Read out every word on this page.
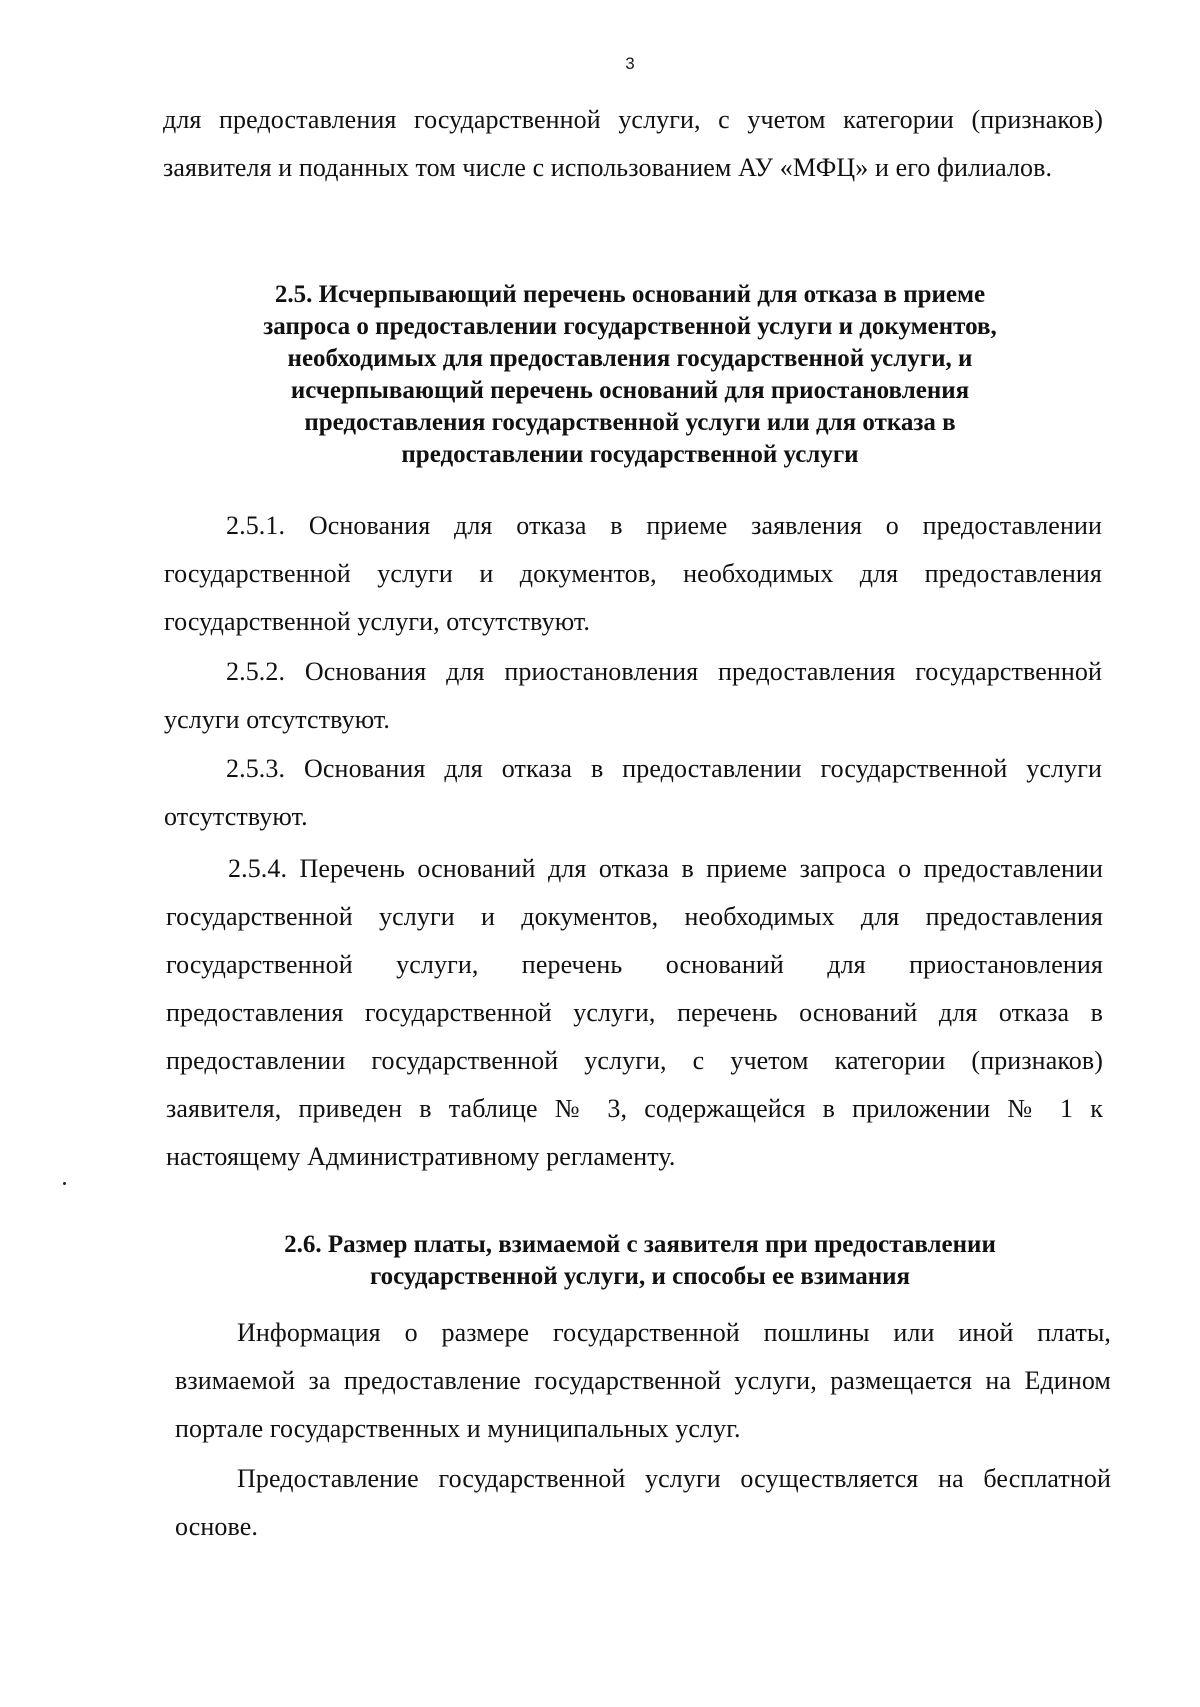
3
для предоставления государственной услуги, с учетом категории (признаков) заявителя и поданных том числе с использованием АУ «МФЦ» и его филиалов.
2.5. Исчерпывающий перечень оснований для отказа в приеме
запроса о предоставлении государственной услуги и документов,
необходимых для предоставления государственной услуги, и
исчерпывающий перечень оснований для приостановления
предоставления государственной услуги или для отказа в
предоставлении государственной услуги
2.5.1. Основания для отказа в приеме заявления о предоставлении государственной услуги и документов, необходимых для предоставления государственной услуги, отсутствуют.
2.5.2. Основания для приостановления предоставления государственной услуги отсутствуют.
2.5.3. Основания для отказа в предоставлении государственной услуги отсутствуют.
2.5.4. Перечень оснований для отказа в приеме запроса о предоставлении государственной услуги и документов, необходимых для предоставления государственной услуги, перечень оснований для приостановления предоставления государственной услуги, перечень оснований для отказа в предоставлении государственной услуги, с учетом категории (признаков) заявителя, приведен в таблице № 3, содержащейся в приложении № 1 к настоящему Административному регламенту.
2.6. Размер платы, взимаемой с заявителя при предоставлении
государственной услуги, и способы ее взимания
Информация о размере государственной пошлины или иной платы, взимаемой за предоставление государственной услуги, размещается на Едином портале государственных и муниципальных услуг.
Предоставление государственной услуги осуществляется на бесплатной основе.
